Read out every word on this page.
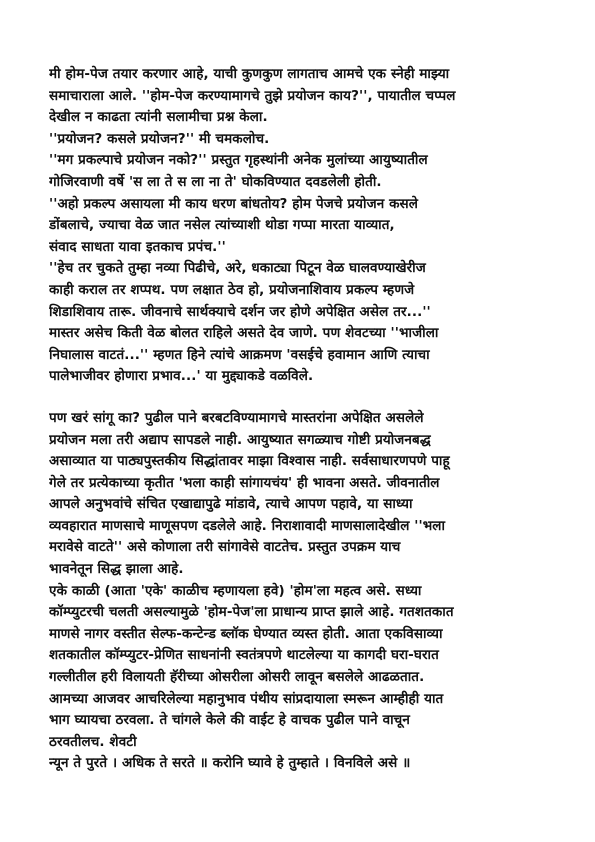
मी होम-पेज तयार करणार आहे, याची कुणकुण लागताच आमचे एक स्नेही माझ्या
समाचाराला आले. ''होम-पेज करण्यामागचे तुझे प्रयोजन काय?'', पायातील चप्पल
देखील न काढता त्यांनी सलामीचा प्रश्न केला.
''प्रयोजन? कसले प्रयोजन?'' मी चमकलोच.
''मग प्रकल्पाचे प्रयोजन नको?'' प्रस्तुत गृहस्थांनी अनेक मुलांच्या आयुष्यातील
गोजिरवाणी वर्षे 'स ला ते स ला ना ते' घोकविण्यात दवडलेली होती.
''अहो प्रकल्प असायला मी काय धरण बांधतोय? होम पेजचे प्रयोजन कसले
डोंबलाचे, ज्याचा वेळ जात नसेल त्यांच्याशी थोडा गप्पा मारता याव्यात,
संवाद साधता यावा इतकाच प्रपंच.''
''हेच तर चुकते तुम्हा नव्या पिढीचे, अरे, धकाट्या पिटून वेळ घालवण्याखेरीज
काही कराल तर शप्पथ. पण लक्षात ठेव हो, प्रयोजनाशिवाय प्रकल्प म्हणजे
शिडाशिवाय तारू. जीवनाचे सार्थक्याचे दर्शन जर होणे अपेक्षित असेल तर...''
मास्तर असेच किती वेळ बोलत राहिले असते देव जाणे. पण शेवटच्या ''भाजीला
निघालास वाटतं...'' म्हणत हिने त्यांचे आक्रमण 'वसईचे हवामान आणि त्याचा
पालेभाजीवर होणारा प्रभाव...' या मुद्द्याकडे वळविले.
पण खरं सांगू का? पुढील पाने बरबटविण्यामागचे मास्तरांना अपेक्षित असलेले
प्रयोजन मला तरी अद्याप सापडले नाही. आयुष्यात सगळ्याच गोष्टी प्रयोजनबद्ध
असाव्यात या पाठ्यपुस्तकीय सिद्धांतावर माझा विश्वास नाही. सर्वसाधारणपणे पाहू
गेले तर प्रत्येकाच्या कृतीत 'भला काही सांगायचंय' ही भावना असते. जीवनातील
आपले अनुभवांचे संचित एखाद्यापुढे मांडावे, त्याचे आपण पहावे, या साध्या
व्यवहारात माणसाचे माणूसपण दडलेले आहे. निराशावादी माणसालादेखील ''भला
मरावेसे वाटते'' असे कोणाला तरी सांगावेसे वाटतेच. प्रस्तुत उपक्रम याच
भावनेतून सिद्ध झाला आहे.
एके काळी (आता 'एके' काळीच म्हणायला हवे) 'होम'ला महत्व असे. सध्या
कॉम्प्युटरची चलती असल्यामुळे 'होम-पेज'ला प्राधान्य प्राप्त झाले आहे. गतशतकात
माणसे नागर वस्तीत सेल्फ-कन्टेन्ड ब्लॉक घेण्यात व्यस्त होती. आता एकविसाव्या
शतकातील कॉम्प्युटर-प्रेणित साधनांनी स्वतंत्रपणे थाटलेल्या या कागदी घरा-घरात
गल्लीतील हरी विलायती हॅरीच्या ओसरीला ओसरी लावून बसलेले आढळतात.
आमच्या आजवर आचरिलेल्या महानुभाव पंथीय सांप्रदायाला स्मरून आम्हीही यात
भाग घ्यायचा ठरवला. ते चांगले केले की वाईट हे वाचक पुढील पाने वाचून
ठरवतीलच. शेवटी
न्यून ते पुरते । अधिक ते सरते ॥ करोनि घ्यावे हे तुम्हाते । विनविले असे ॥
